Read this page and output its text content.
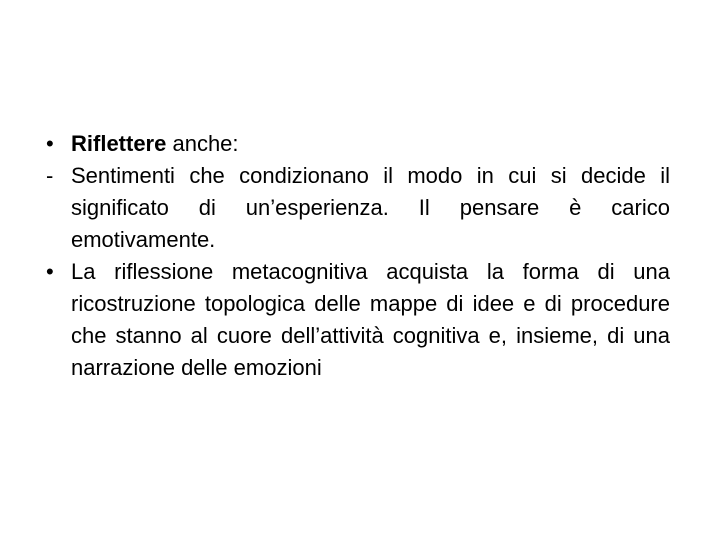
• Riflettere anche:

- Sentimenti che condizionano il modo in cui si decide il significato di un’esperienza. Il pensare è carico emotivamente.

• La riflessione metacognitiva acquista la forma di una ricostruzione topologica delle mappe di idee e di procedure che stanno al cuore dell’attività cognitiva e, insieme, di una narrazione delle emozioni
